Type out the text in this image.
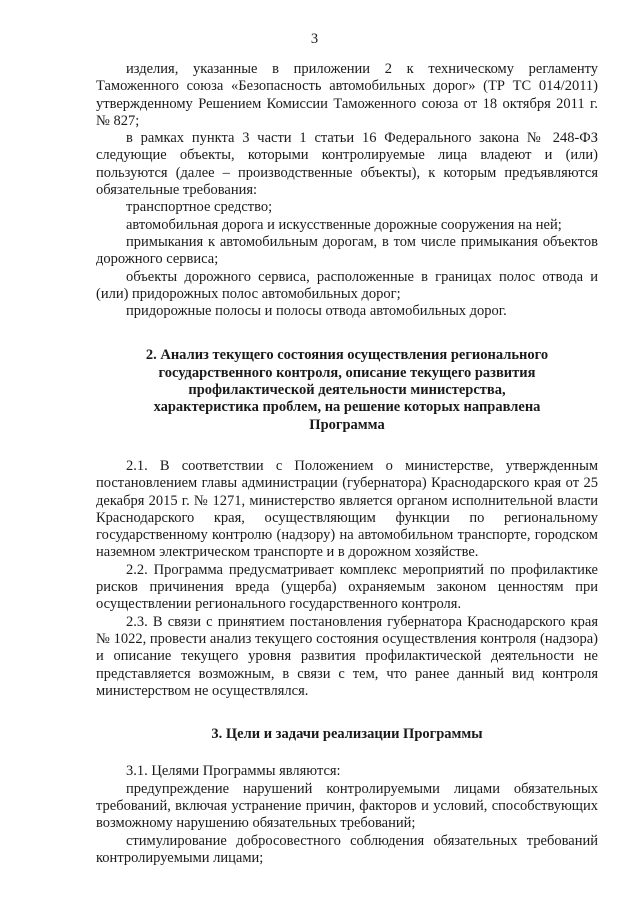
3

изделия, указанные в приложении 2 к техническому регламенту Таможенного союза «Безопасность автомобильных дорог» (ТР ТС 014/2011) утвержденному Решением Комиссии Таможенного союза от 18 октября 2011 г. № 827;

в рамках пункта 3 части 1 статьи 16 Федерального закона № 248-ФЗ следующие объекты, которыми контролируемые лица владеют и (или) пользуются (далее – производственные объекты), к которым предъявляются обязательные требования:

транспортное средство;

автомобильная дорога и искусственные дорожные сооружения на ней;

примыкания к автомобильным дорогам, в том числе примыкания объектов дорожного сервиса;

объекты дорожного сервиса, расположенные в границах полос отвода и (или) придорожных полос автомобильных дорог;

придорожные полосы и полосы отвода автомобильных дорог.

2. Анализ текущего состояния осуществления регионального

государственного контроля, описание текущего развития

профилактической деятельности министерства,

характеристика проблем, на решение которых направлена

Программа

2.1. В соответствии с Положением о министерстве, утвержденным постановлением главы администрации (губернатора) Краснодарского края от 25 декабря 2015 г. № 1271, министерство является органом исполнительной власти Краснодарского края, осуществляющим функции по региональному государственному контролю (надзору) на автомобильном транспорте, городском наземном электрическом транспорте и в дорожном хозяйстве.

2.2. Программа предусматривает комплекс мероприятий по профилактике рисков причинения вреда (ущерба) охраняемым законом ценностям при осуществлении регионального государственного контроля.

2.3. В связи с принятием постановления губернатора Краснодарского края № 1022, провести анализ текущего состояния осуществления контроля (надзора) и описание текущего уровня развития профилактической деятельности не представляется возможным, в связи с тем, что ранее данный вид контроля министерством не осуществлялся.

3. Цели и задачи реализации Программы

3.1. Целями Программы являются:

предупреждение нарушений контролируемыми лицами обязательных требований, включая устранение причин, факторов и условий, способствующих возможному нарушению обязательных требований;

стимулирование добросовестного соблюдения обязательных требований контролируемыми лицами;
